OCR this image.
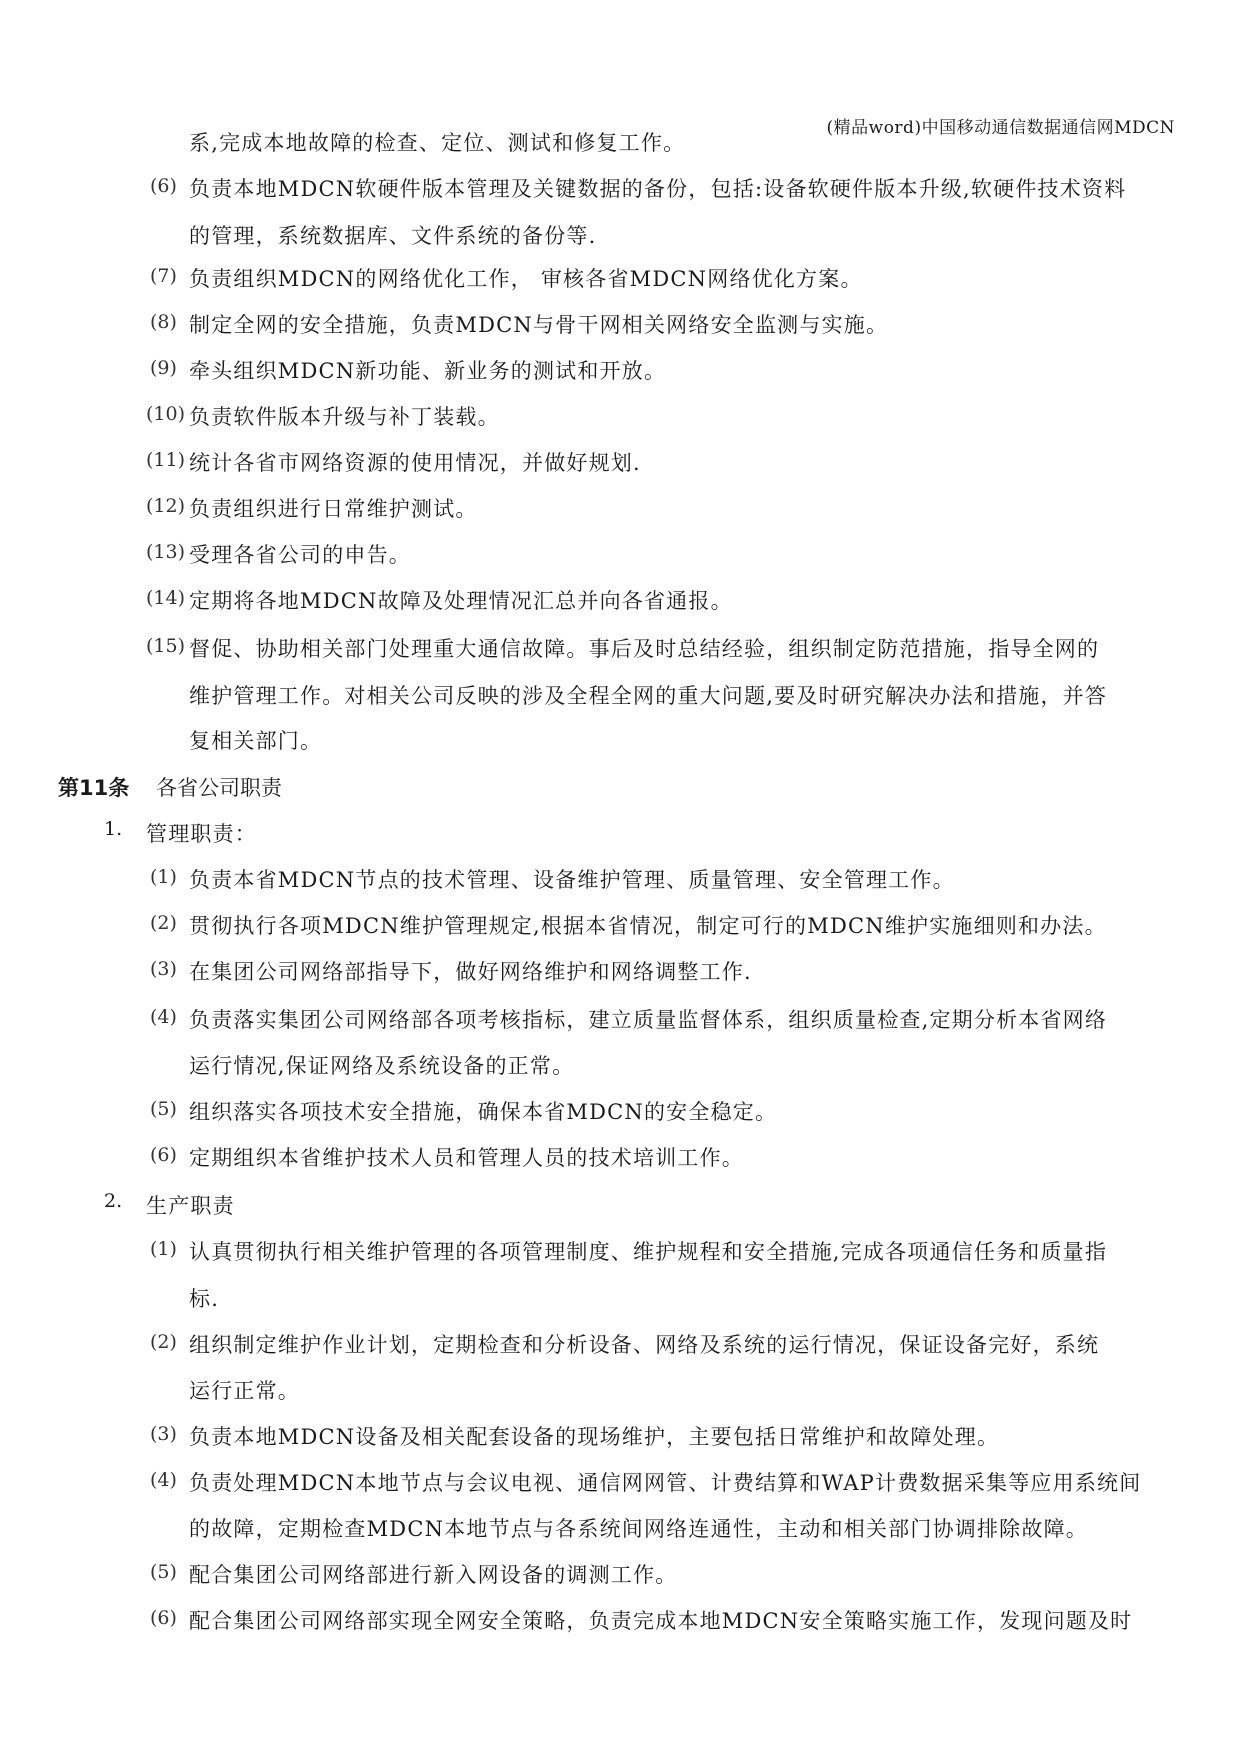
(精品word)中国移动通信数据通信网MDCN
系,完成本地故障的检查、定位、测试和修复工作。
(6) 负责本地MDCN软硬件版本管理及关键数据的备份，包括:设备软硬件版本升级,软硬件技术资料
的管理，系统数据库、文件系统的备份等.
(7) 负责组织MDCN的网络优化工作， 审核各省MDCN网络优化方案。
(8) 制定全网的安全措施，负责MDCN与骨干网相关网络安全监测与实施。
(9) 牵头组织MDCN新功能、新业务的测试和开放。
(10) 负责软件版本升级与补丁装载。
(11) 统计各省市网络资源的使用情况，并做好规划.
(12) 负责组织进行日常维护测试。
(13) 受理各省公司的申告。
(14) 定期将各地MDCN故障及处理情况汇总并向各省通报。
(15) 督促、协助相关部门处理重大通信故障。事后及时总结经验，组织制定防范措施，指导全网的
维护管理工作。对相关公司反映的涉及全程全网的重大问题,要及时研究解决办法和措施，并答
复相关部门。
第11条 各省公司职责
1. 管理职责：
(1) 负责本省MDCN节点的技术管理、设备维护管理、质量管理、安全管理工作。
(2) 贯彻执行各项MDCN维护管理规定,根据本省情况，制定可行的MDCN维护实施细则和办法。
(3) 在集团公司网络部指导下，做好网络维护和网络调整工作.
(4) 负责落实集团公司网络部各项考核指标，建立质量监督体系，组织质量检查,定期分析本省网络
运行情况,保证网络及系统设备的正常。
(5) 组织落实各项技术安全措施，确保本省MDCN的安全稳定。
(6) 定期组织本省维护技术人员和管理人员的技术培训工作。
2. 生产职责
(1) 认真贯彻执行相关维护管理的各项管理制度、维护规程和安全措施,完成各项通信任务和质量指
标.
(2) 组织制定维护作业计划，定期检查和分析设备、网络及系统的运行情况，保证设备完好，系统
运行正常。
(3) 负责本地MDCN设备及相关配套设备的现场维护，主要包括日常维护和故障处理。
(4) 负责处理MDCN本地节点与会议电视、通信网网管、计费结算和WAP计费数据采集等应用系统间
的故障，定期检查MDCN本地节点与各系统间网络连通性，主动和相关部门协调排除故障。
(5) 配合集团公司网络部进行新入网设备的调测工作。
(6) 配合集团公司网络部实现全网安全策略，负责完成本地MDCN安全策略实施工作，发现问题及时
